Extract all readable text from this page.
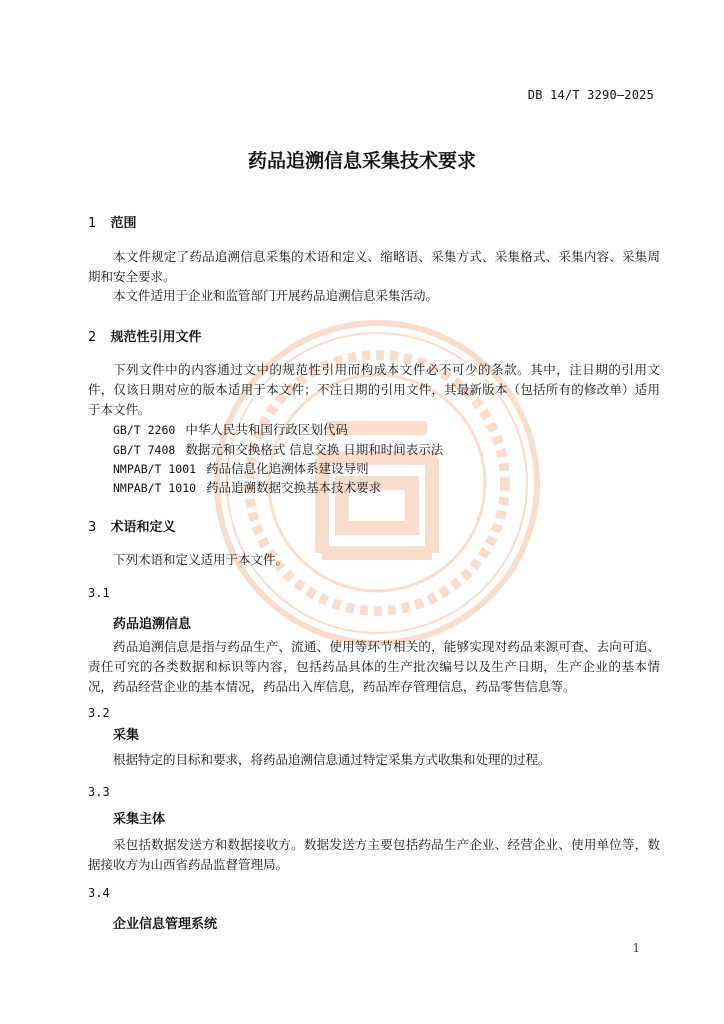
DB 14/T 3290—2025
药品追溯信息采集技术要求
1 范围
本文件规定了药品追溯信息采集的术语和定义、缩略语、采集方式、采集格式、采集内容、采集周期和安全要求。
本文件适用于企业和监管部门开展药品追溯信息采集活动。
2 规范性引用文件
下列文件中的内容通过文中的规范性引用而构成本文件必不可少的条款。其中，注日期的引用文件，仅该日期对应的版本适用于本文件；不注日期的引用文件，其最新版本（包括所有的修改单）适用于本文件。
GB/T 2260 中华人民共和国行政区划代码
GB/T 7408 数据元和交换格式 信息交换 日期和时间表示法
NMPAB/T 1001 药品信息化追溯体系建设导则
NMPAB/T 1010 药品追溯数据交换基本技术要求
3 术语和定义
下列术语和定义适用于本文件。
3.1
药品追溯信息
药品追溯信息是指与药品生产、流通、使用等环节相关的，能够实现对药品来源可查、去向可追、责任可究的各类数据和标识等内容，包括药品具体的生产批次编号以及生产日期，生产企业的基本情况，药品经营企业的基本情况，药品出入库信息，药品库存管理信息，药品零售信息等。
3.2
采集
根据特定的目标和要求，将药品追溯信息通过特定采集方式收集和处理的过程。
3.3
采集主体
采包括数据发送方和数据接收方。数据发送方主要包括药品生产企业、经营企业、使用单位等，数据接收方为山西省药品监督管理局。
3.4
企业信息管理系统
1
